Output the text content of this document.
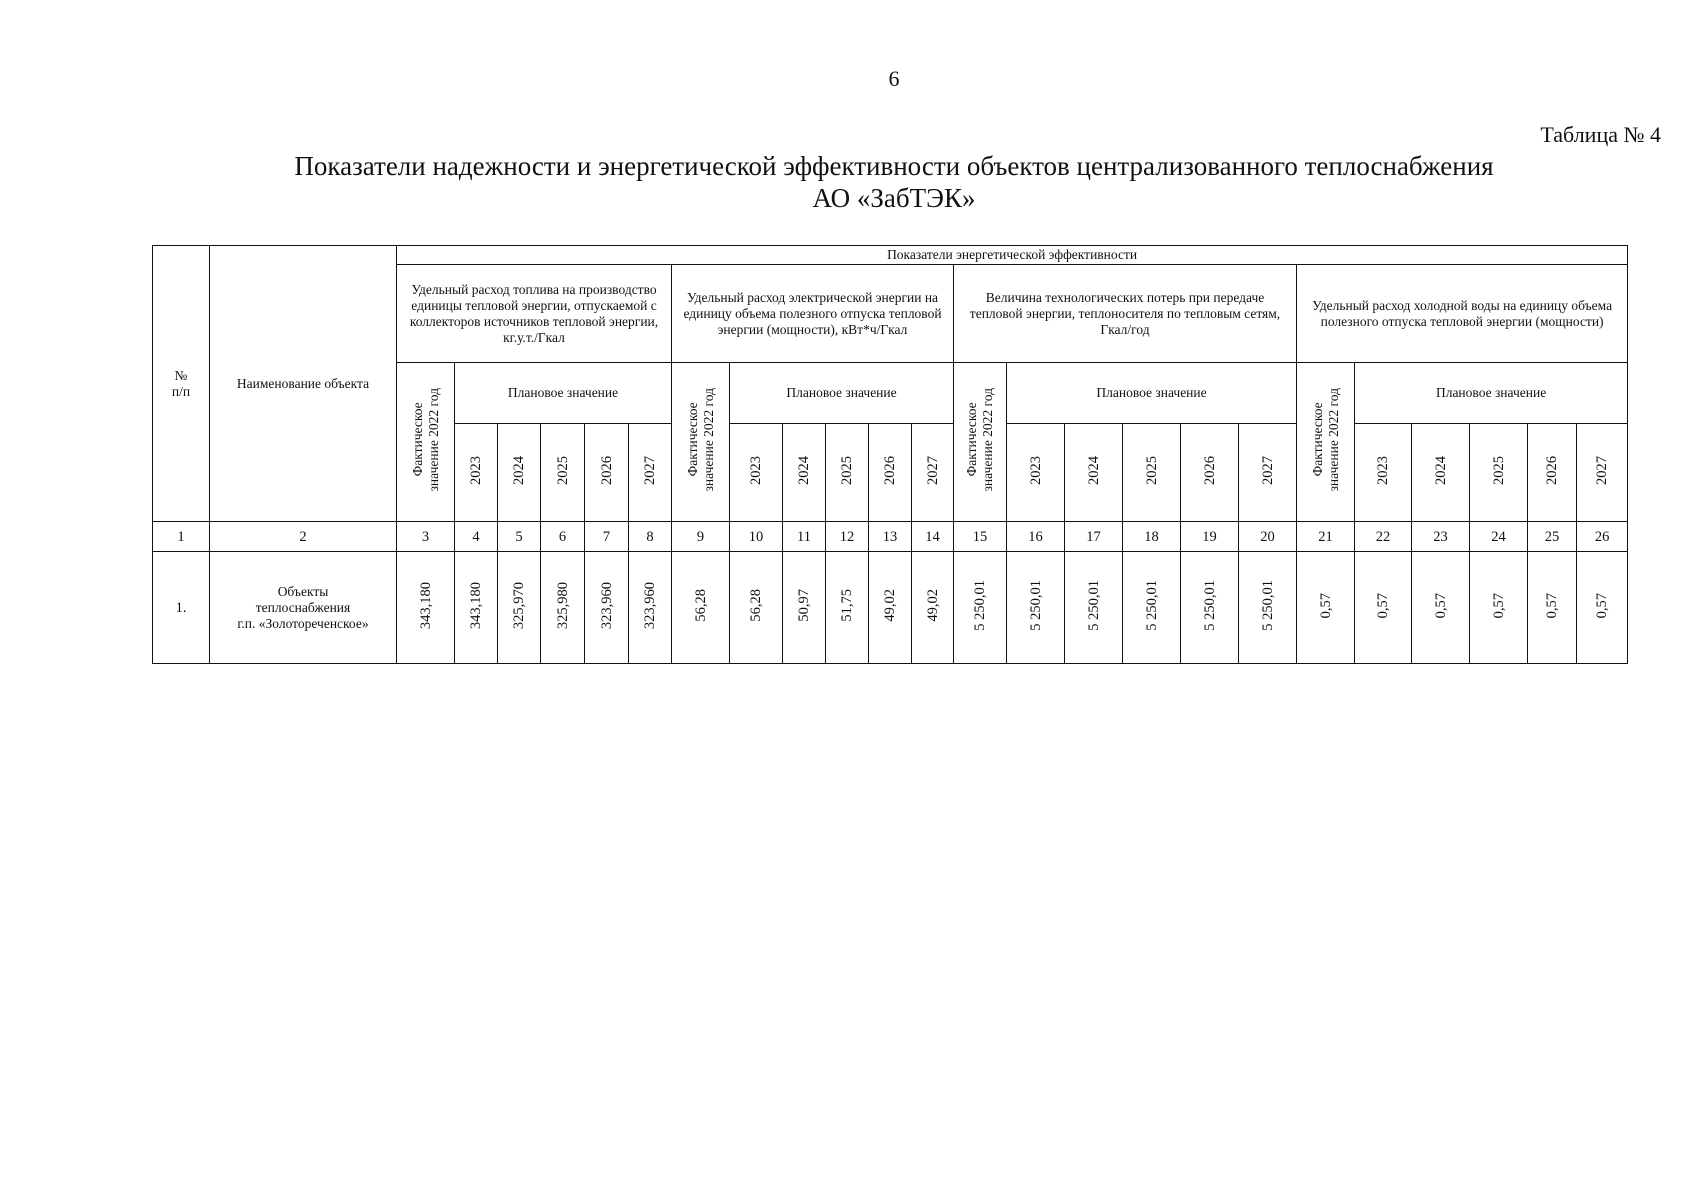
6
Таблица № 4
Показатели надежности и энергетической эффективности объектов централизованного теплоснабжения
АО «ЗабТЭК»
№
п/п	Наименование объекта	Показатели энергетической эффективности																							
		Удельный расход топлива на производство единицы тепловой энергии, отпускаемой с коллекторов источников тепловой энергии, кг.у.т./Гкал						Удельный расход электрической энергии на единицу объема полезного отпуска тепловой энергии (мощности), кВт*ч/Гкал						Величина технологических потерь при передаче тепловой энергии, теплоносителя по тепловым сетям, Гкал/год						Удельный расход холодной воды на единицу объема полезного отпуска тепловой энергии (мощности)					
		Фактическое
значение 2022 год	Плановое значение					Фактическое
значение 2022 год	Плановое значение					Фактическое
значение 2022 год	Плановое значение					Фактическое
значение 2022 год	Плановое значение				
			2023	2024	2025	2026	2027		2023	2024	2025	2026	2027		2023	2024	2025	2026	2027		2023	2024	2025	2026	2027
1	2	3	4	5	6	7	8	9	10	11	12	13	14	15	16	17	18	19	20	21	22	23	24	25	26
1.	Объекты
теплоснабжения
г.п. «Золотореченское»	343,180	343,180	325,970	325,980	323,960	323,960	56,28	56,28	50,97	51,75	49,02	49,02	5 250,01	5 250,01	5 250,01	5 250,01	5 250,01	5 250,01	0,57	0,57	0,57	0,57	0,57	0,57
